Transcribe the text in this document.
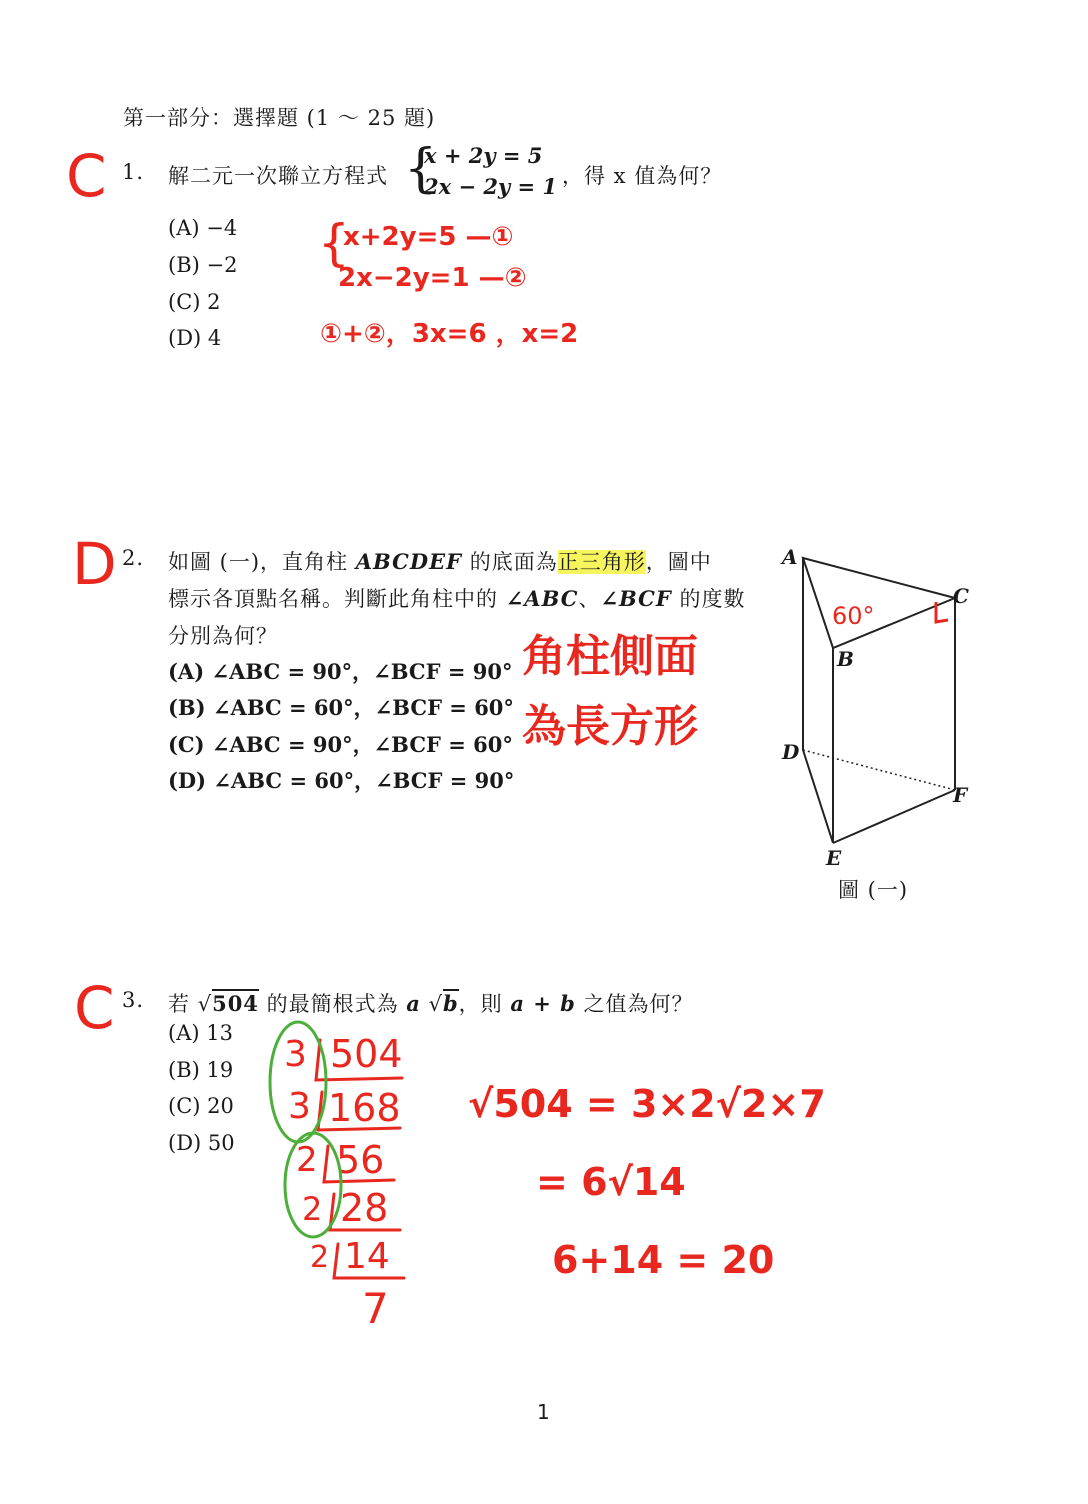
第一部分：選擇題 (1 ～ 25 題)
C 1. 解二元一次聯立方程式 {
x + 2y = 5
2x − 2y = 1 ，得 x 值為何？
(A) −4
(B) −2
(C) 2
(D) 4
{
x+2y=5 —①
2x−2y=1 —②
①+②，3x=6 ，x=2
D 2. 如圖 (一)，直角柱 ABCDEF 的底面為正三角形，圖中
標示各頂點名稱。判斷此角柱中的 ∠ABC、∠BCF 的度數
分別為何？
(A) ∠ABC = 90°，∠BCF = 90°
(B) ∠ABC = 60°，∠BCF = 60°
(C) ∠ABC = 90°，∠BCF = 60°
(D) ∠ABC = 60°，∠BCF = 90°
角柱側面
為長方形
60°
A
B
C
D
E
F
圖 (一)
C 3. 若 √504 的最簡根式為 a √b，則 a + b 之值為何？
(A) 13
(B) 19
(C) 20
(D) 50
3 504
3 168
2 56
2 28
2 14
7
√504 = 3×2√2×7
= 6√14
6+14 = 20
1
